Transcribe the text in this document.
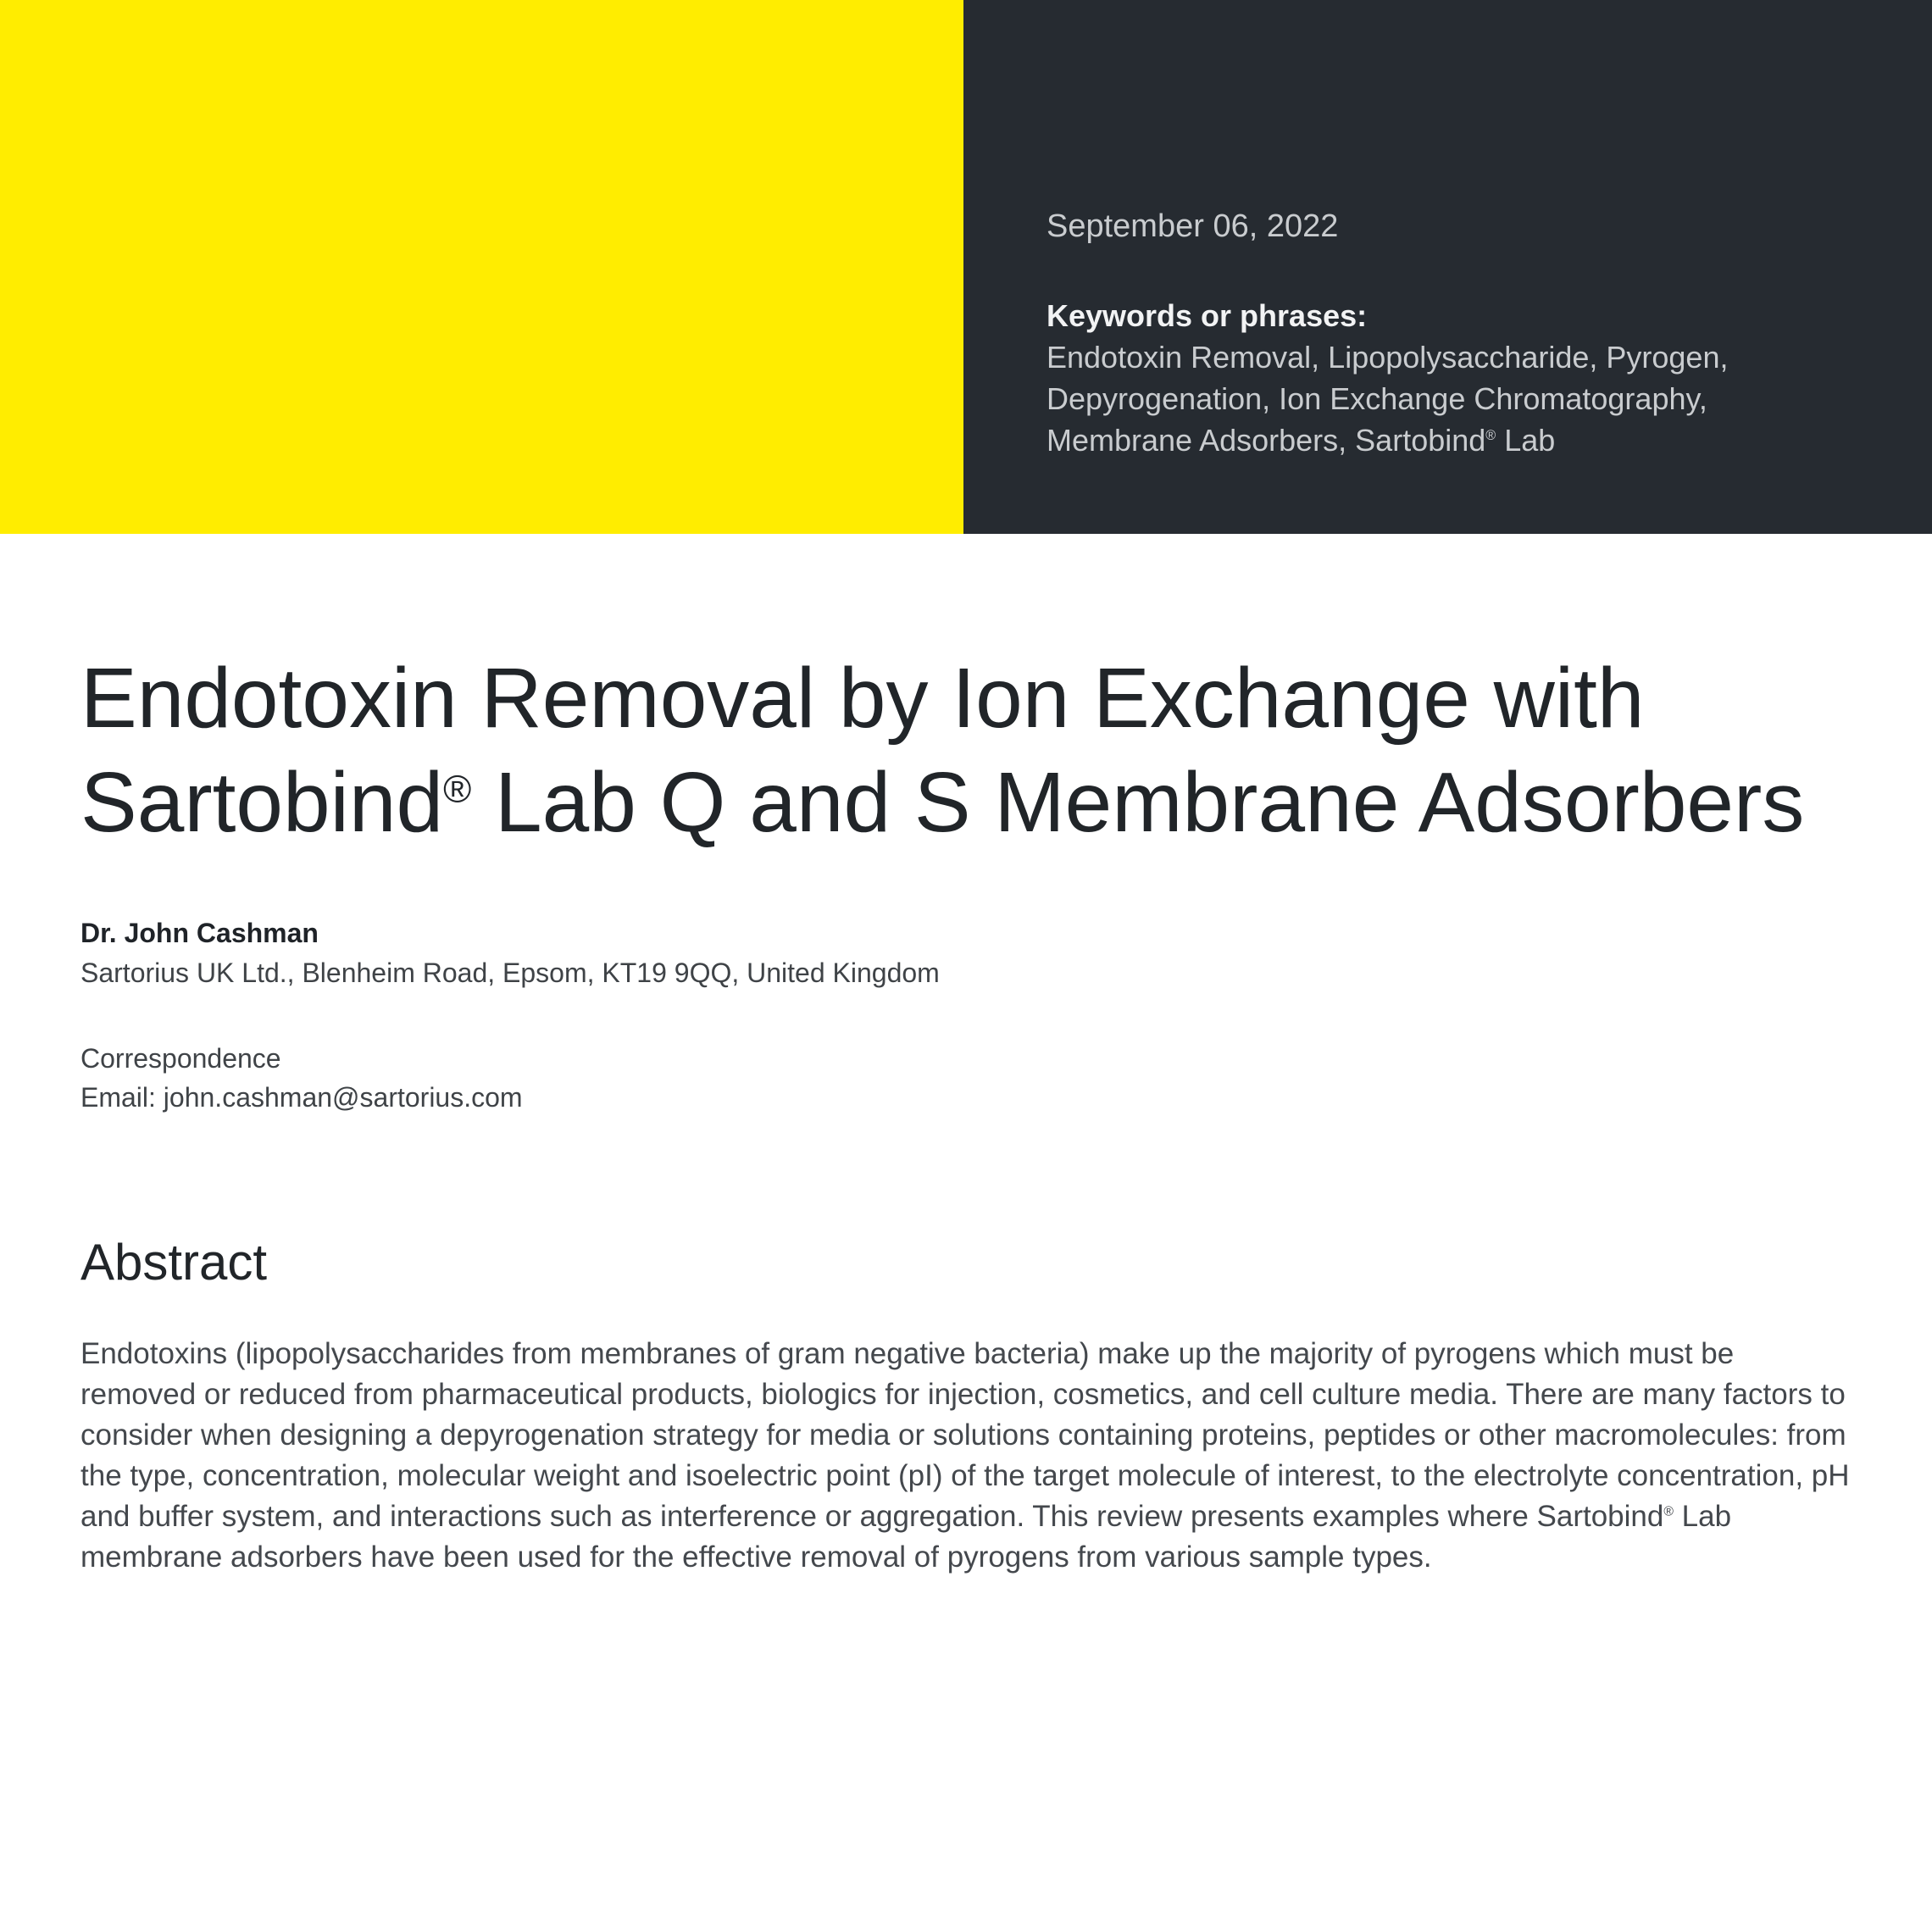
September 06, 2022
Keywords or phrases:
Endotoxin Removal, Lipopolysaccharide, Pyrogen,
Depyrogenation, Ion Exchange Chromatography,
Membrane Adsorbers, Sartobind® Lab
Endotoxin Removal by Ion Exchange with
Sartobind® Lab Q and S Membrane Adsorbers

Dr. John Cashman

Sartorius UK Ltd., Blenheim Road, Epsom, KT19 9QQ, United Kingdom

Correspondence

Email: john.cashman@sartorius.com

Abstract

Endotoxins (lipopolysaccharides from membranes of gram negative bacteria) make up the majority of pyrogens which must be removed or reduced from pharmaceutical products, biologics for injection, cosmetics, and cell culture media. There are many factors to consider when designing a depyrogenation strategy for media or solutions containing proteins, peptides or other macromolecules: from the type, concentration, molecular weight and isoelectric point (pI) of the target molecule of interest, to the electrolyte concentration, pH and buffer system, and interactions such as interference or aggregation. This review presents examples where Sartobind® Lab membrane adsorbers have been used for the effective removal of pyrogens from various sample types.
